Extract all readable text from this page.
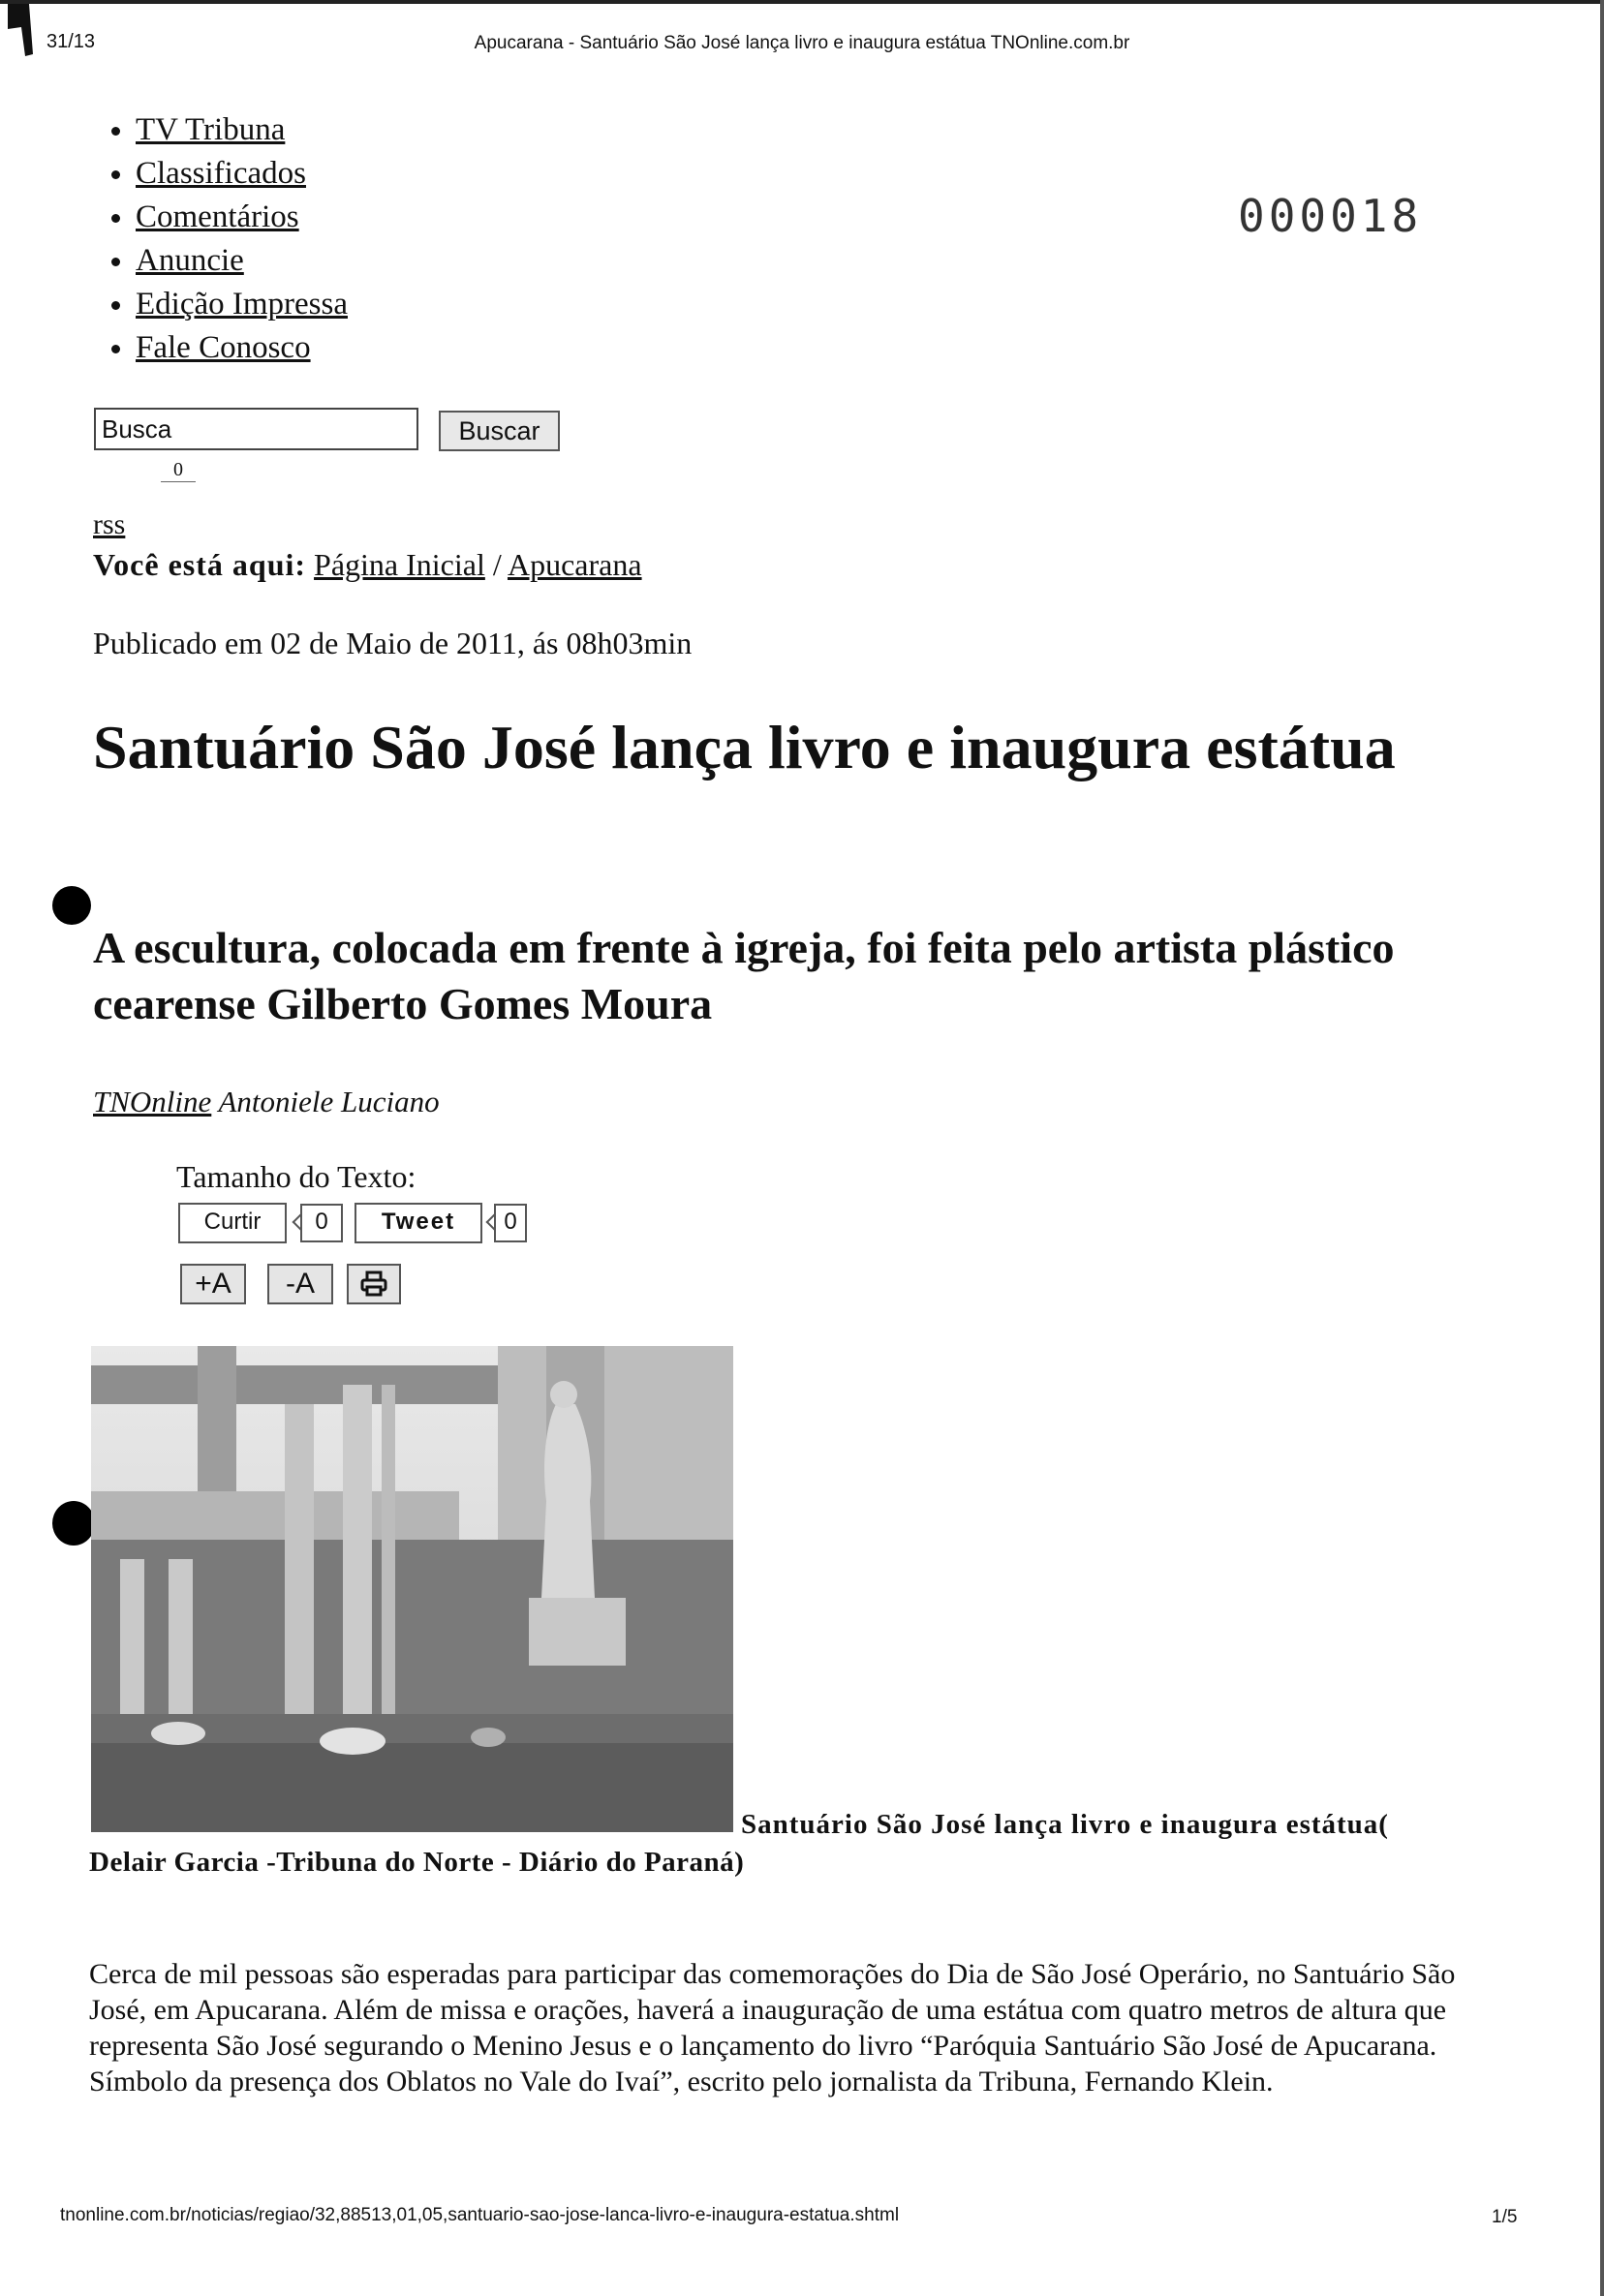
31/1⁠3	Apucarana - Santuário São José lança livro e inaugura estátua TNOnline.com.br
000018
• TV Tribuna
• Classificados
• Comentários
• Anuncie
• Edição Impressa
• Fale Conosco
Busca
Buscar
0
rss
Você está aqui: Página Inicial / Apucarana
Publicado em 02 de Maio de 2011, ás 08h03min
Santuário São José lança livro e inaugura estátua
A escultura, colocada em frente à igreja, foi feita pelo artista plástico cearense Gilberto Gomes Moura
TNOnline Antoniele Luciano
Tamanho do Texto:
Curtir	0	Tweet	0
+A	-A
Santuário São José lança livro e inaugura estátua(
Delair Garcia -Tribuna do Norte - Diário do Paraná)

Cerca de mil pessoas são esperadas para participar das comemorações do Dia de São José Operário, no Santuário São José, em Apucarana. Além de missa e orações, haverá a inauguração de uma estátua com quatro metros de altura que representa São José segurando o Menino Jesus e o lançamento do livro “Paróquia Santuário São José de Apucarana. Símbolo da presença dos Oblatos no Vale do Ivaí”, escrito pelo jornalista da Tribuna, Fernando Klein.

tnonline.com.br/noticias/regiao/32,88513,01,05,santuario-sao-jose-lanca-livro-e-inaugura-estatua.shtml	1/5
